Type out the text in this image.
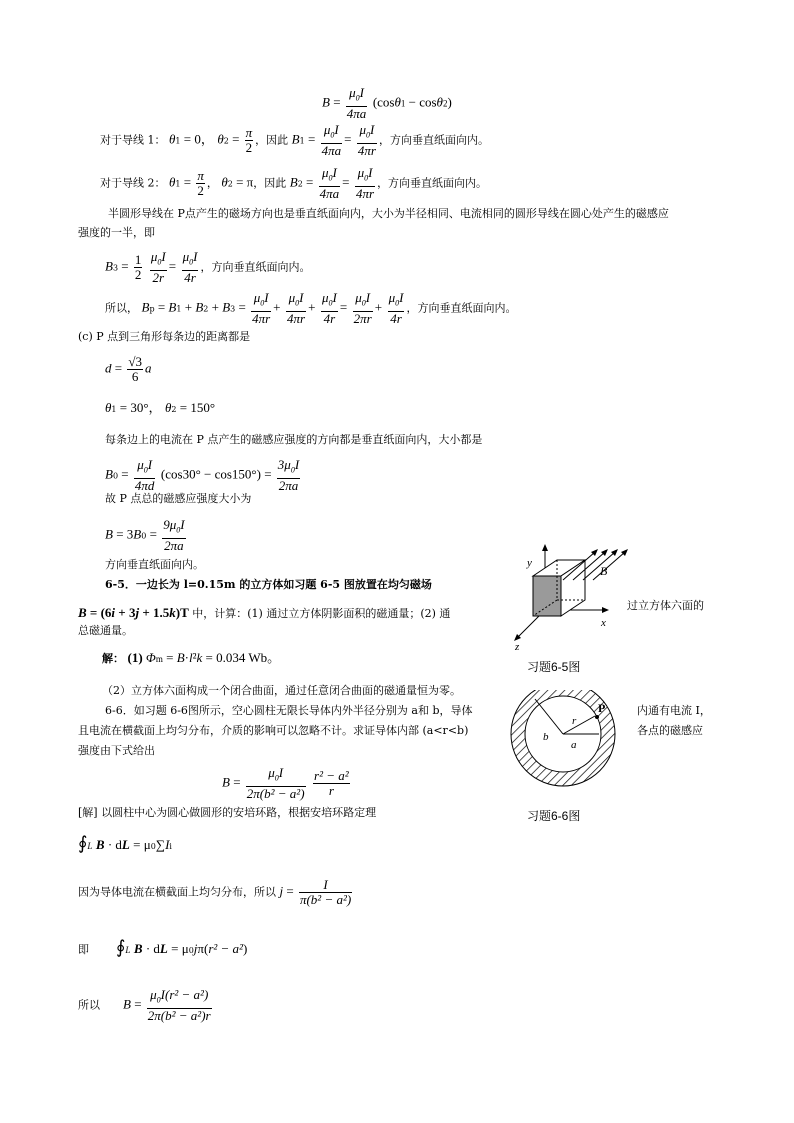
$B = \frac{\mu_0I}{4\pi a} (\cos\theta 1 - \cos\theta 2)$
对于导线 1： θ1 = 0， $\theta 2 = \frac{\pi}{2}$ ，因此 $B1 = \frac{\mu_0I}{4\pi a} = \frac{\mu_0I}{4\pi r}$ ，方向垂直纸面向内。
对于导线 2： $\theta 1 = \frac{\pi}{2}$ ， θ2 = π，因此 $B2 = \frac{\mu_0I}{4\pi a} = \frac{\mu_0I}{4\pi r}$ ，方向垂直纸面向内。
半圆形导线在 P点产生的磁场方向也是垂直纸面向内，大小为半径相同、电流相同的圆形导线在圆心处产生的磁感应
强度的一半，即
$B3 = \frac{1}{2}$
$\frac{\mu_0I}{2r} = \frac{\mu_0I}{4r}$ ，方向垂直纸面向内。
所以， $Bp = B1 + B2 + B3 = \frac{\mu_0I}{4\pi r} + \frac{\mu_0I}{4\pi r} + \frac{\mu_0I}{4r} = \frac{\mu_0I}{2\pi r} + \frac{\mu_0I}{4r}$ ，方向垂直纸面向内。
(c) P 点到三角形每条边的距离都是
$d = \frac{√3}{6}$ a
θ1 = 30°， θ2 = 150°
每条边上的电流在 P 点产生的磁感应强度的方向都是垂直纸面向内，大小都是
$B0 = \frac{\mu_0I}{4\pi d} (\cos 30^\circ - \cos 150^\circ) = \frac{3\mu_0I}{2\pi a}$
故 P 点总的磁感应强度大小为
$B = 3B0 = \frac{9\mu_0I}{2\pi a}$
方向垂直纸面向内。
6-5．一边长为 l=0.15m 的立方体如习题 6-5 图放置在均匀磁场
过立方体六面的
B = (6i + 3j + 1.5k)T 中，计算：(1) 通过立方体阴影面积的磁通量；(2) 通
总磁通量。
解： (1) Φm = B·l²k = 0.034 Wb。
（2）立方体六面构成一个闭合曲面，通过任意闭合曲面的磁通量恒为零。
习题6-5图
y
x
z
B
6-6．如习题 6-6图所示，空心圆柱无限长导体内外半径分别为 a和 b，导体	内通有电流 I，
且电流在横截面上均匀分布，介质的影响可以忽略不计。求证导体内部 (a<r<b)	各点的磁感应
强度由下式给出
$B = \frac{\mu_0I}{\text{2π(b² − a²)}}$
$\frac{\text{r² − a²}}{r}$
[解] 以圆柱中心为圆心做圆形的安培环路，根据安培环路定理
∮L B · dL = μ0∑Ii
因为导体电流在横截面上均匀分布，所以 $j = \frac{I}{\text{π(b² − a²)}}$
即 ∮L B · dL = μ0jπ(r² − a²)
所以 $B = \frac{\mu_0I(r^2 - a^2)}{\text{2π(b² − a²)r}}$
习题6-6图
b
r
a
P
